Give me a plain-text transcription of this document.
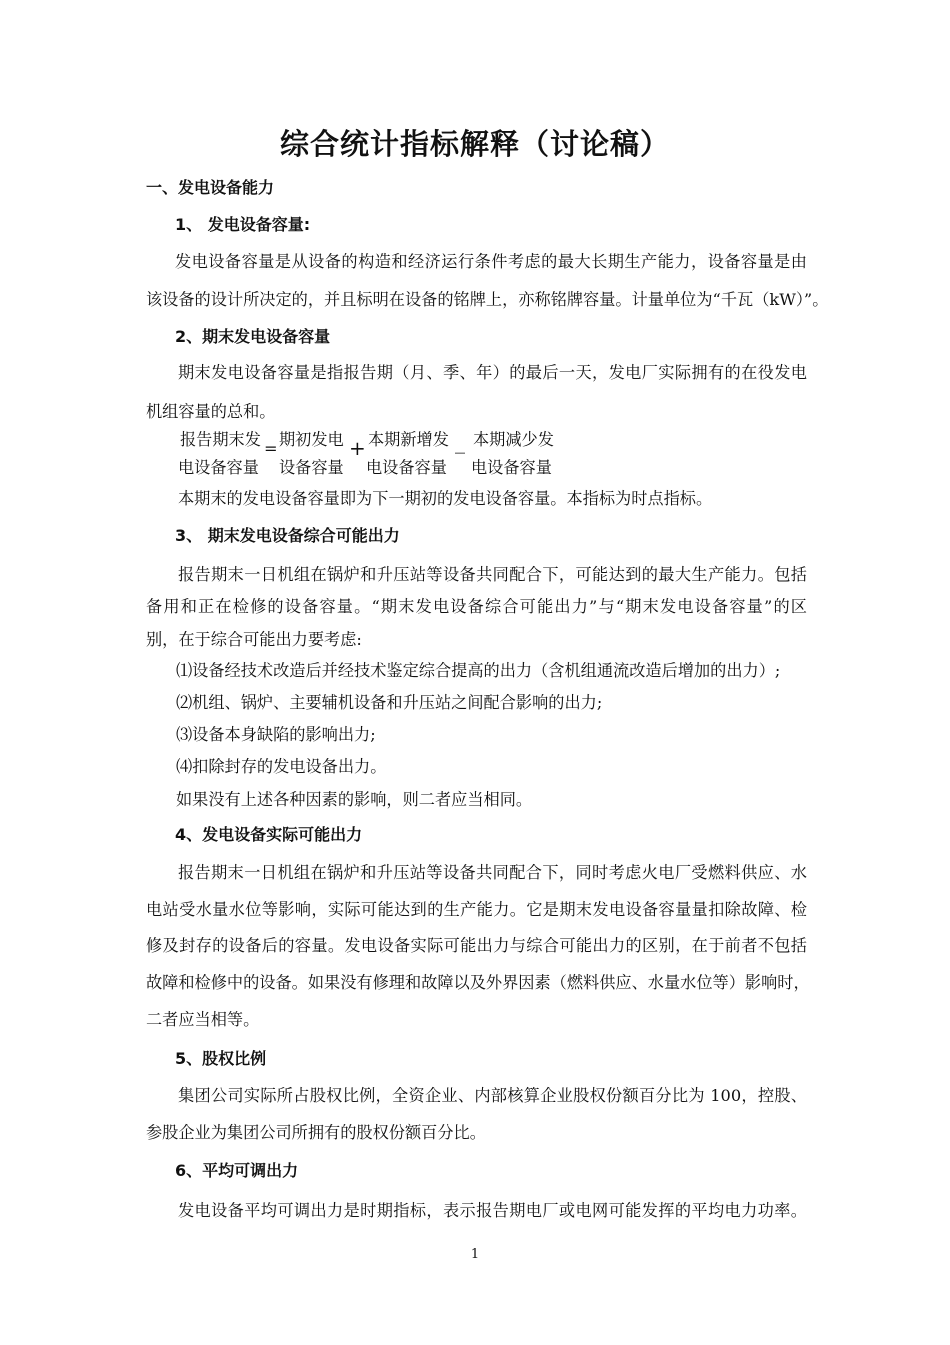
综合统计指标解释（讨论稿）
一、发电设备能力
1、 发电设备容量:
发电设备容量是从设备的构造和经济运行条件考虑的最大长期生产能力，设备容量是由
该设备的设计所决定的，并且标明在设备的铭牌上，亦称铭牌容量。计量单位为“千瓦（kW）”。
2、期末发电设备容量
期末发电设备容量是指报告期（月、季、年）的最后一天，发电厂实际拥有的在役发电
机组容量的总和。
报告期末发
电设备容量
= 期初发电
设备容量
+ 本期新增发
电设备容量
_ 本期减少发
电设备容量
本期末的发电设备容量即为下一期初的发电设备容量。本指标为时点指标。
3、 期末发电设备综合可能出力
报告期末一日机组在锅炉和升压站等设备共同配合下，可能达到的最大生产能力。包括
备用和正在检修的设备容量。“期末发电设备综合可能出力”与“期末发电设备容量”的区
别，在于综合可能出力要考虑:
⑴设备经技术改造后并经技术鉴定综合提高的出力（含机组通流改造后增加的出力）;
⑵机组、锅炉、主要辅机设备和升压站之间配合影响的出力;
⑶设备本身缺陷的影响出力;
⑷扣除封存的发电设备出力。
如果没有上述各种因素的影响，则二者应当相同。
4、发电设备实际可能出力
报告期末一日机组在锅炉和升压站等设备共同配合下，同时考虑火电厂受燃料供应、水
电站受水量水位等影响，实际可能达到的生产能力。它是期末发电设备容量量扣除故障、检
修及封存的设备后的容量。发电设备实际可能出力与综合可能出力的区别，在于前者不包括
故障和检修中的设备。如果没有修理和故障以及外界因素（燃料供应、水量水位等）影响时，
二者应当相等。
5、股权比例
集团公司实际所占股权比例，全资企业、内部核算企业股权份额百分比为 100，控股、
参股企业为集团公司所拥有的股权份额百分比。
6、平均可调出力
发电设备平均可调出力是时期指标，表示报告期电厂或电网可能发挥的平均电力功率。
1
